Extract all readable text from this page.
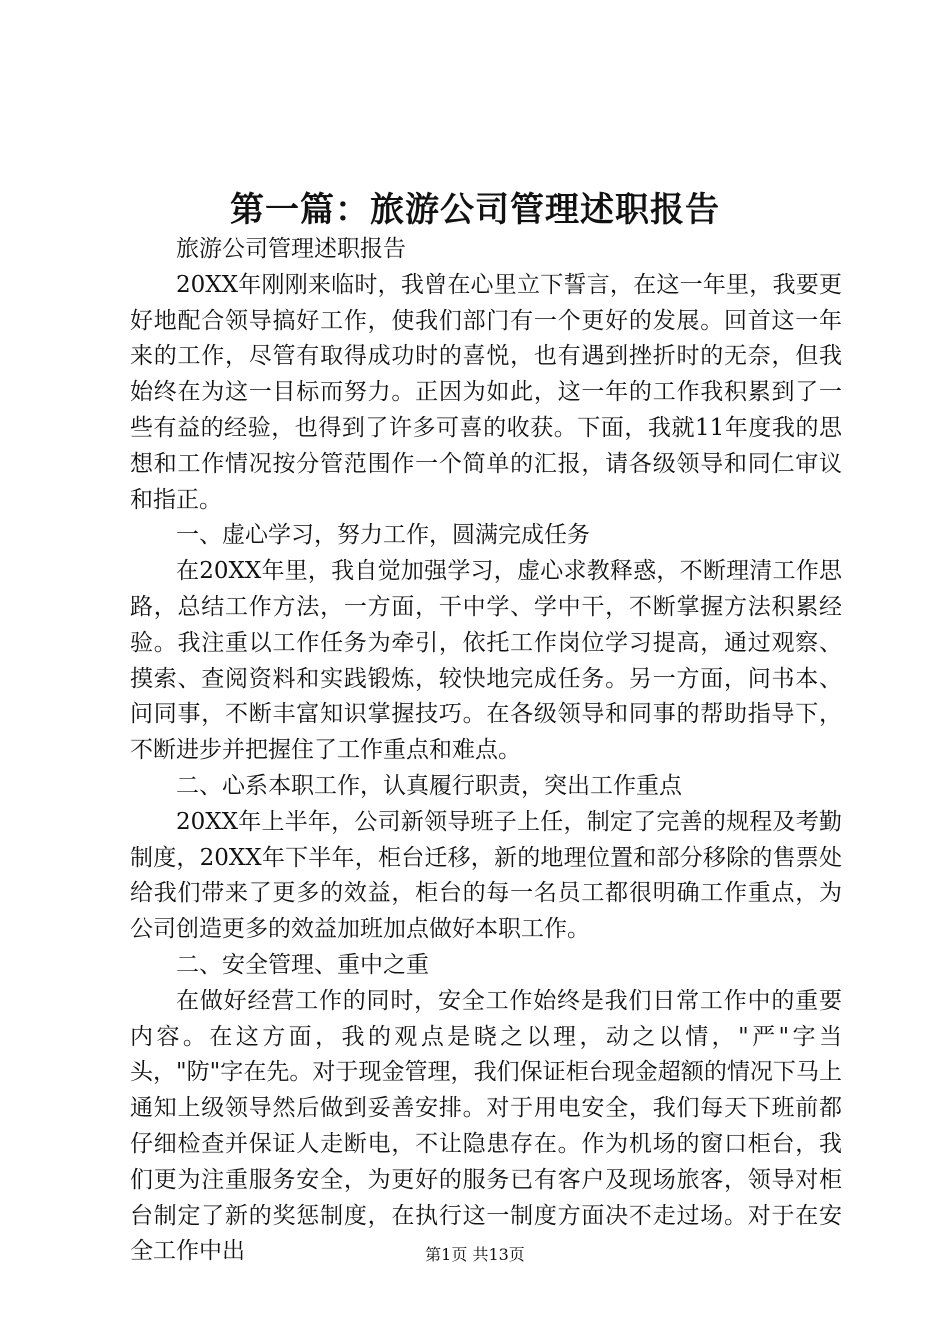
第一篇：旅游公司管理述职报告

旅游公司管理述职报告

20XX年刚刚来临时，我曾在心里立下誓言，在这一年里，我要更好地配合领导搞好工作，使我们部门有一个更好的发展。回首这一年来的工作，尽管有取得成功时的喜悦，也有遇到挫折时的无奈，但我始终在为这一目标而努力。正因为如此，这一年的工作我积累到了一些有益的经验，也得到了许多可喜的收获。下面，我就11年度我的思想和工作情况按分管范围作一个简单的汇报，请各级领导和同仁审议和指正。

一、虚心学习，努力工作，圆满完成任务

在20XX年里，我自觉加强学习，虚心求教释惑，不断理清工作思路，总结工作方法，一方面，干中学、学中干，不断掌握方法积累经验。我注重以工作任务为牵引，依托工作岗位学习提高，通过观察、摸索、查阅资料和实践锻炼，较快地完成任务。另一方面，问书本、问同事，不断丰富知识掌握技巧。在各级领导和同事的帮助指导下，不断进步并把握住了工作重点和难点。

二、心系本职工作，认真履行职责，突出工作重点

20XX年上半年，公司新领导班子上任，制定了完善的规程及考勤制度，20XX年下半年，柜台迁移，新的地理位置和部分移除的售票处给我们带来了更多的效益，柜台的每一名员工都很明确工作重点，为公司创造更多的效益加班加点做好本职工作。

二、安全管理、重中之重

在做好经营工作的同时，安全工作始终是我们日常工作中的重要内容。在这方面，我的观点是晓之以理，动之以情，"严"字当头，"防"字在先。对于现金管理，我们保证柜台现金超额的情况下马上通知上级领导然后做到妥善安排。对于用电安全，我们每天下班前都仔细检查并保证人走断电，不让隐患存在。作为机场的窗口柜台，我们更为注重服务安全，为更好的服务已有客户及现场旅客，领导对柜台制定了新的奖惩制度，在执行这一制度方面决不走过场。对于在安全工作中出	第1页 共13页
